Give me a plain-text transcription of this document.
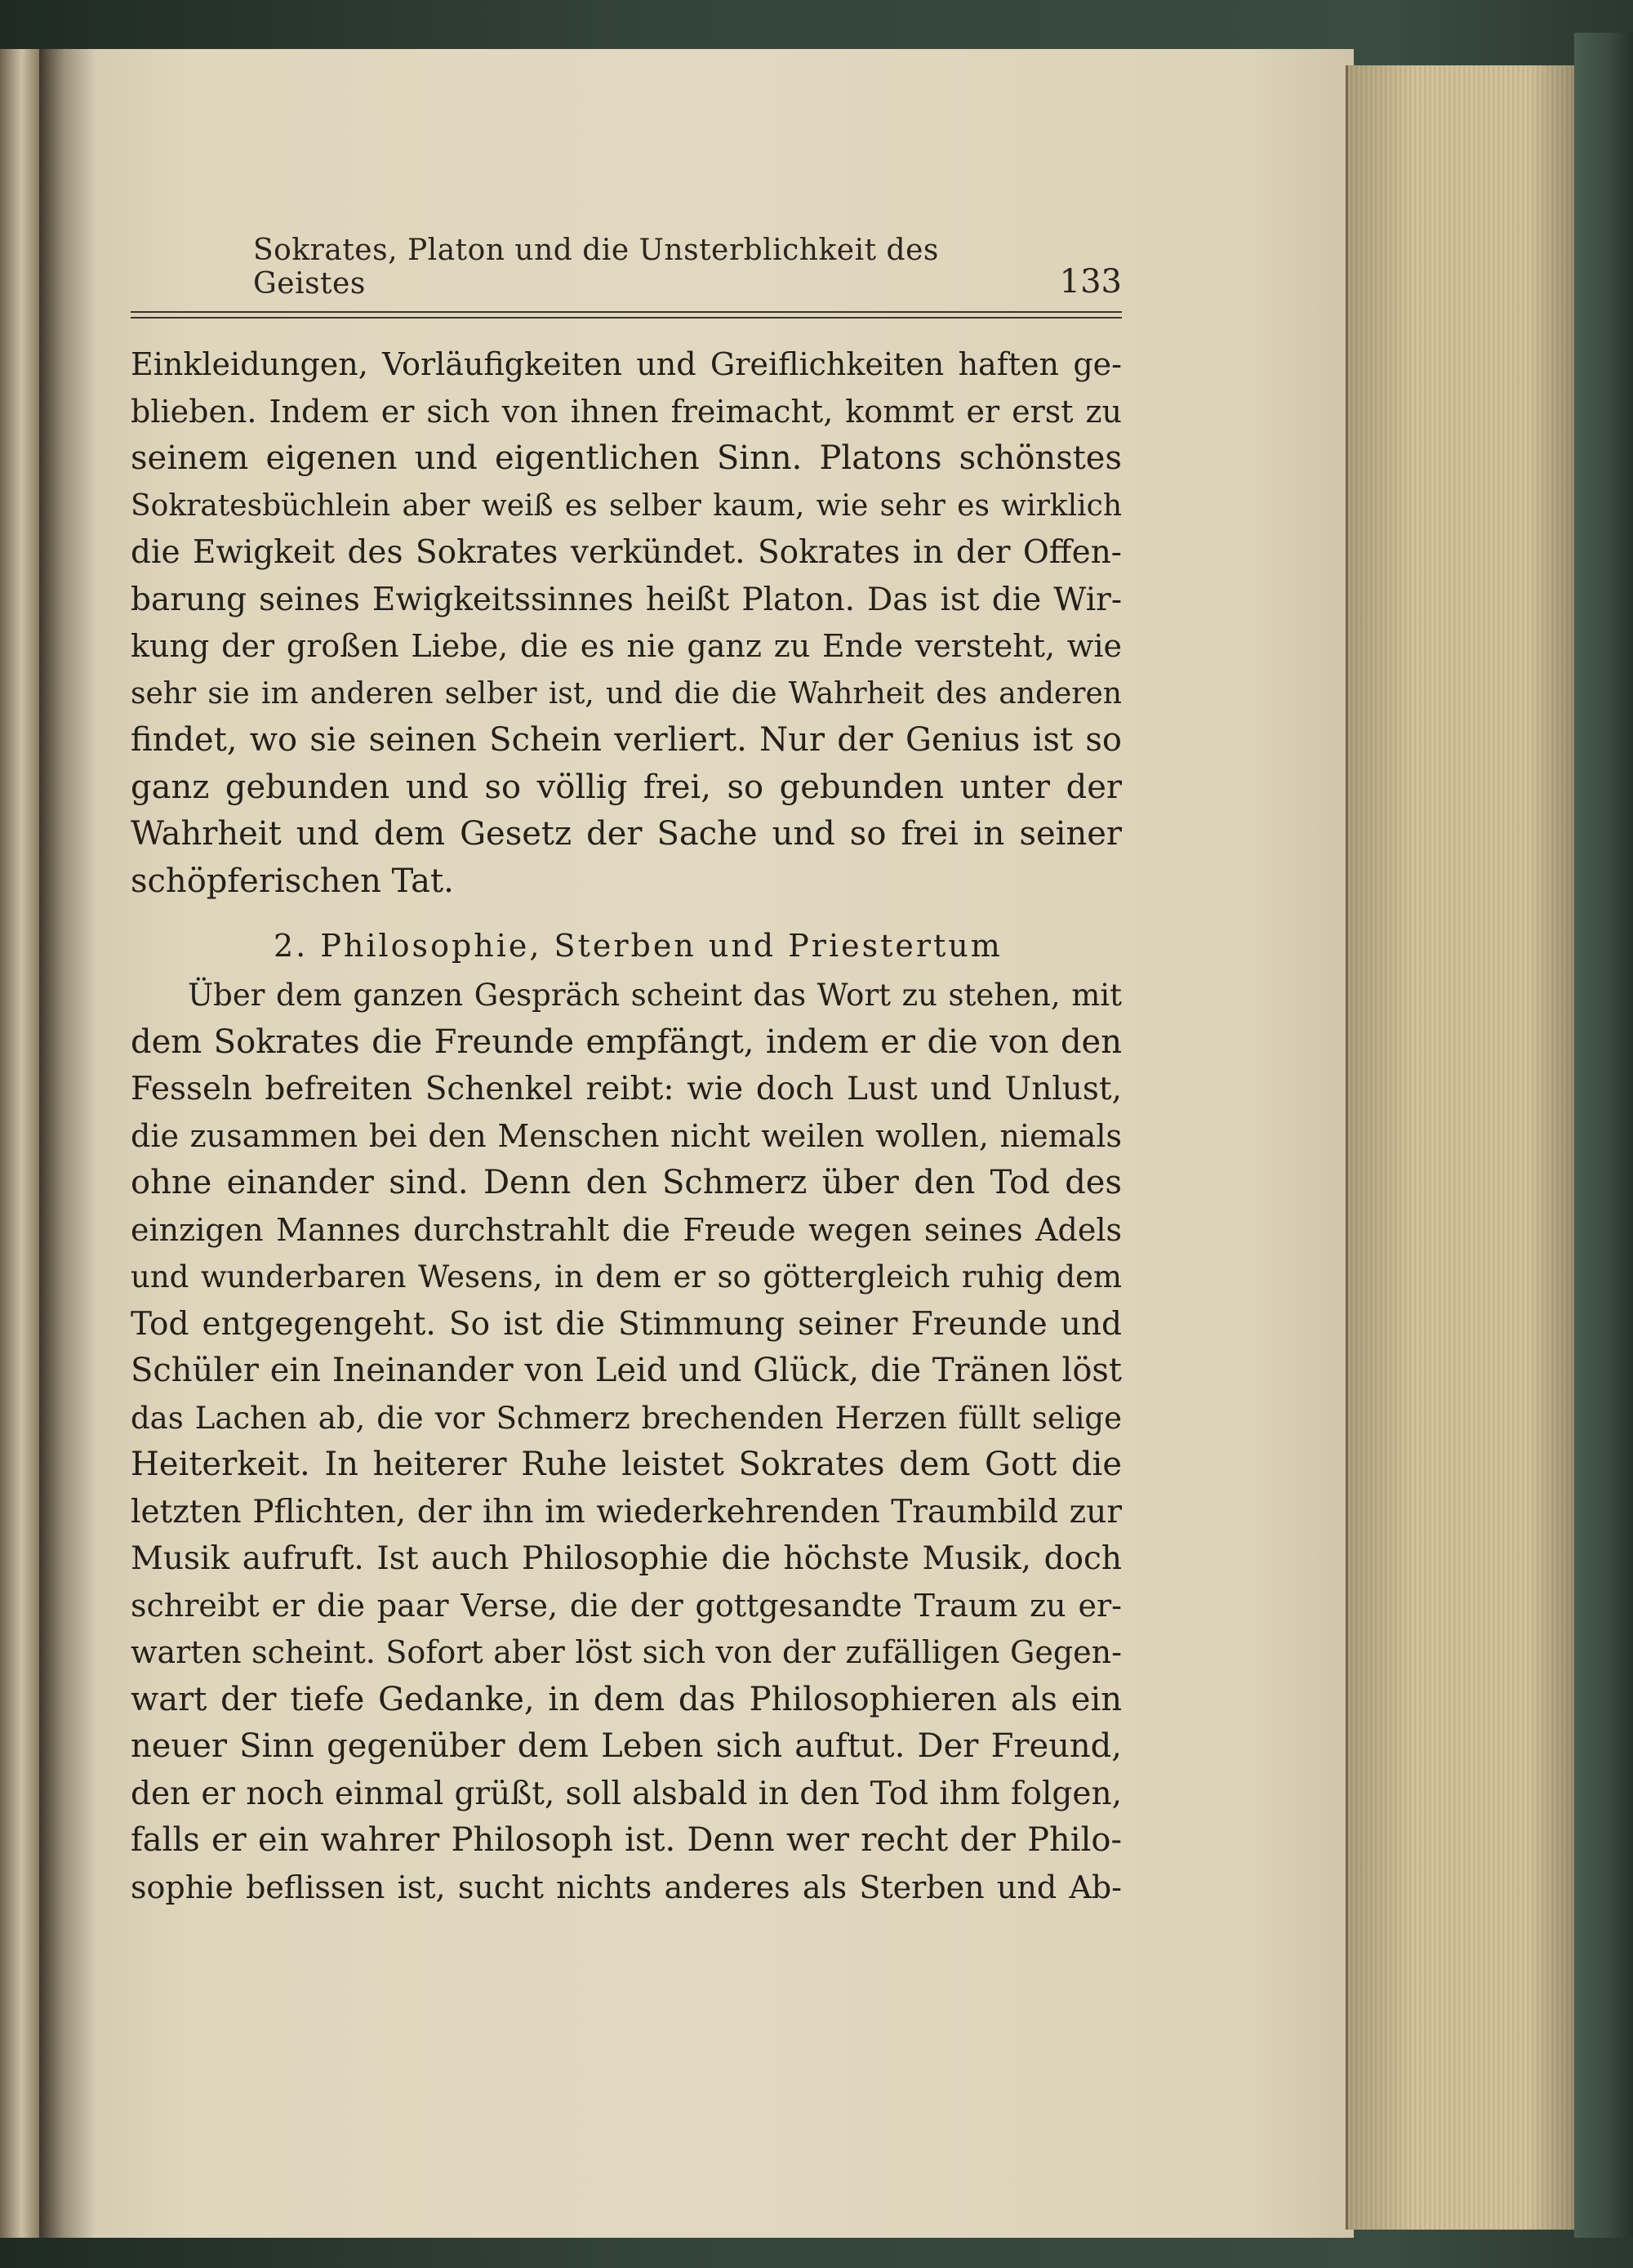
Sokrates, Platon und die Unsterblichkeit des Geistes	133
Einkleidungen, Vorläufigkeiten und Greiflichkeiten haften ge-
blieben. Indem er sich von ihnen freimacht, kommt er erst zu
seinem eigenen und eigentlichen Sinn. Platons schönstes
Sokratesbüchlein aber weiß es selber kaum, wie sehr es wirklich
die Ewigkeit des Sokrates verkündet. Sokrates in der Offen-
barung seines Ewigkeitssinnes heißt Platon. Das ist die Wir-
kung der großen Liebe, die es nie ganz zu Ende versteht, wie
sehr sie im anderen selber ist, und die die Wahrheit des anderen
findet, wo sie seinen Schein verliert. Nur der Genius ist so
ganz gebunden und so völlig frei, so gebunden unter der
Wahrheit und dem Gesetz der Sache und so frei in seiner
schöpferischen Tat.
2. Philosophie, Sterben und Priestertum
Über dem ganzen Gespräch scheint das Wort zu stehen, mit
dem Sokrates die Freunde empfängt, indem er die von den
Fesseln befreiten Schenkel reibt: wie doch Lust und Unlust,
die zusammen bei den Menschen nicht weilen wollen, niemals
ohne einander sind. Denn den Schmerz über den Tod des
einzigen Mannes durchstrahlt die Freude wegen seines Adels
und wunderbaren Wesens, in dem er so göttergleich ruhig dem
Tod entgegengeht. So ist die Stimmung seiner Freunde und
Schüler ein Ineinander von Leid und Glück, die Tränen löst
das Lachen ab, die vor Schmerz brechenden Herzen füllt selige
Heiterkeit. In heiterer Ruhe leistet Sokrates dem Gott die
letzten Pflichten, der ihn im wiederkehrenden Traumbild zur
Musik aufruft. Ist auch Philosophie die höchste Musik, doch
schreibt er die paar Verse, die der gottgesandte Traum zu er-
warten scheint. Sofort aber löst sich von der zufälligen Gegen-
wart der tiefe Gedanke, in dem das Philosophieren als ein
neuer Sinn gegenüber dem Leben sich auftut. Der Freund,
den er noch einmal grüßt, soll alsbald in den Tod ihm folgen,
falls er ein wahrer Philosoph ist. Denn wer recht der Philo-
sophie beflissen ist, sucht nichts anderes als Sterben und Ab-
